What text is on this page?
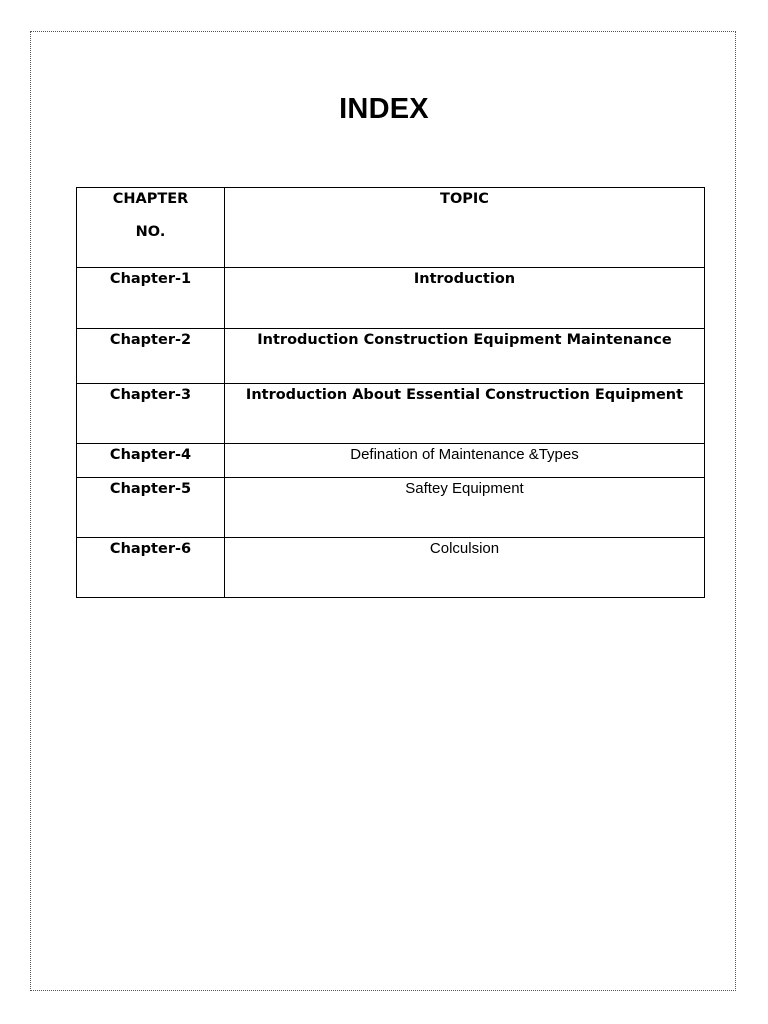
INDEX
CHAPTER
NO.	TOPIC

Chapter-1	Introduction

Chapter-2	Introduction Construction Equipment Maintenance

Chapter-3	Introduction About Essential Construction Equipment

Chapter-4	Defination of Maintenance &Types

Chapter-5	Saftey Equipment

Chapter-6	Colculsion
